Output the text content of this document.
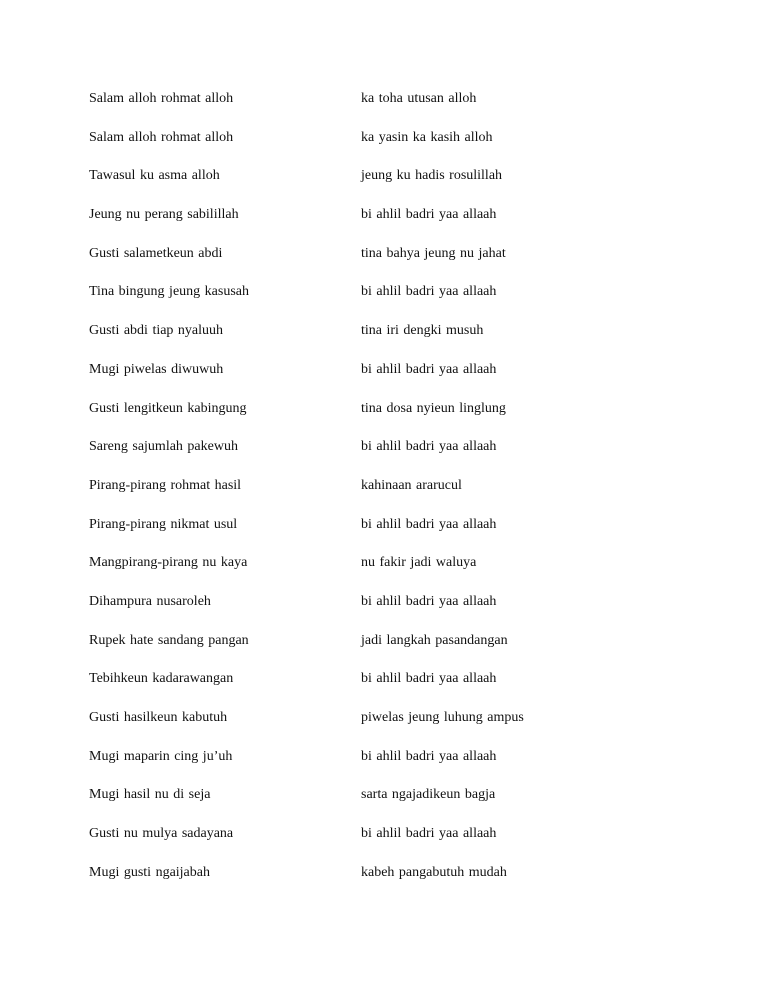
Salam alloh rohmat alloh	ka toha utusan alloh
Salam alloh rohmat alloh	ka yasin ka kasih alloh
Tawasul ku asma alloh	jeung ku hadis rosulillah
Jeung nu perang sabilillah	bi ahlil badri yaa allaah
Gusti salametkeun abdi	tina bahya jeung nu jahat
Tina bingung jeung kasusah	bi ahlil badri yaa allaah
Gusti abdi tiap nyaluuh	tina iri dengki musuh
Mugi piwelas diwuwuh	bi ahlil badri yaa allaah
Gusti lengitkeun kabingung	tina dosa nyieun linglung
Sareng sajumlah pakewuh	bi ahlil badri yaa allaah
Pirang-pirang rohmat hasil	kahinaan ararucul
Pirang-pirang nikmat usul	bi ahlil badri yaa allaah
Mangpirang-pirang nu kaya	nu fakir jadi waluya
Dihampura nusaroleh	bi ahlil badri yaa allaah
Rupek hate sandang pangan	jadi langkah pasandangan
Tebihkeun kadarawangan	bi ahlil badri yaa allaah
Gusti hasilkeun kabutuh	piwelas jeung luhung ampus
Mugi maparin cing ju’uh	bi ahlil badri yaa allaah
Mugi hasil nu di seja	sarta ngajadikeun bagja
Gusti nu mulya sadayana	bi ahlil badri yaa allaah
Mugi gusti ngaijabah	kabeh pangabutuh mudah
